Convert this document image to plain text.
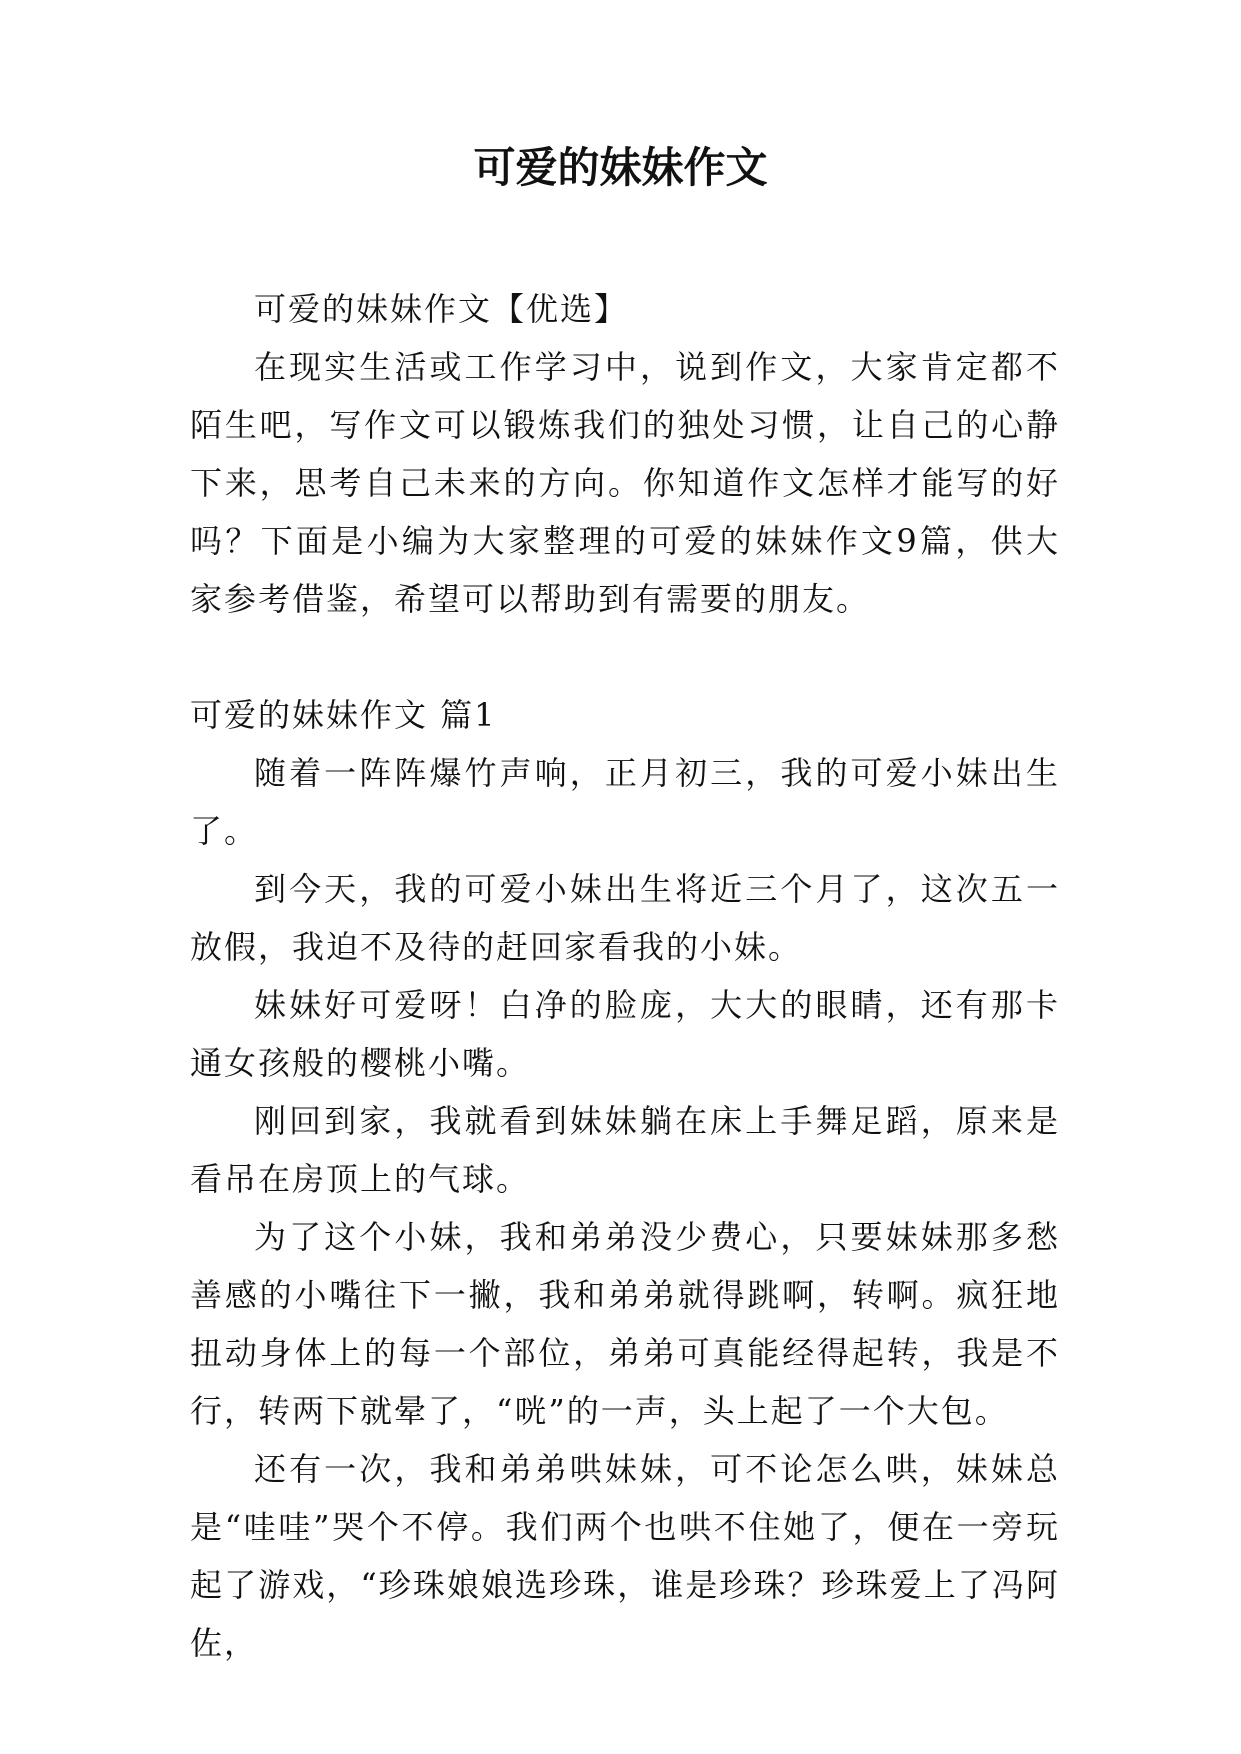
可爱的妹妹作文

可爱的妹妹作文【优选】

在现实生活或工作学习中，说到作文，大家肯定都不陌生吧，写作文可以锻炼我们的独处习惯，让自己的心静下来，思考自己未来的方向。你知道作文怎样才能写的好吗？下面是小编为大家整理的可爱的妹妹作文9篇，供大家参考借鉴，希望可以帮助到有需要的朋友。

可爱的妹妹作文 篇1

随着一阵阵爆竹声响，正月初三，我的可爱小妹出生了。

到今天，我的可爱小妹出生将近三个月了，这次五一放假，我迫不及待的赶回家看我的小妹。

妹妹好可爱呀！白净的脸庞，大大的眼睛，还有那卡通女孩般的樱桃小嘴。

刚回到家，我就看到妹妹躺在床上手舞足蹈，原来是看吊在房顶上的气球。

为了这个小妹，我和弟弟没少费心，只要妹妹那多愁善感的小嘴往下一撇，我和弟弟就得跳啊，转啊。疯狂地扭动身体上的每一个部位，弟弟可真能经得起转，我是不行，转两下就晕了，“咣”的一声，头上起了一个大包。

还有一次，我和弟弟哄妹妹，可不论怎么哄，妹妹总是“哇哇”哭个不停。我们两个也哄不住她了，便在一旁玩起了游戏，“珍珠娘娘选珍珠，谁是珍珠？珍珠爱上了冯阿佐，
